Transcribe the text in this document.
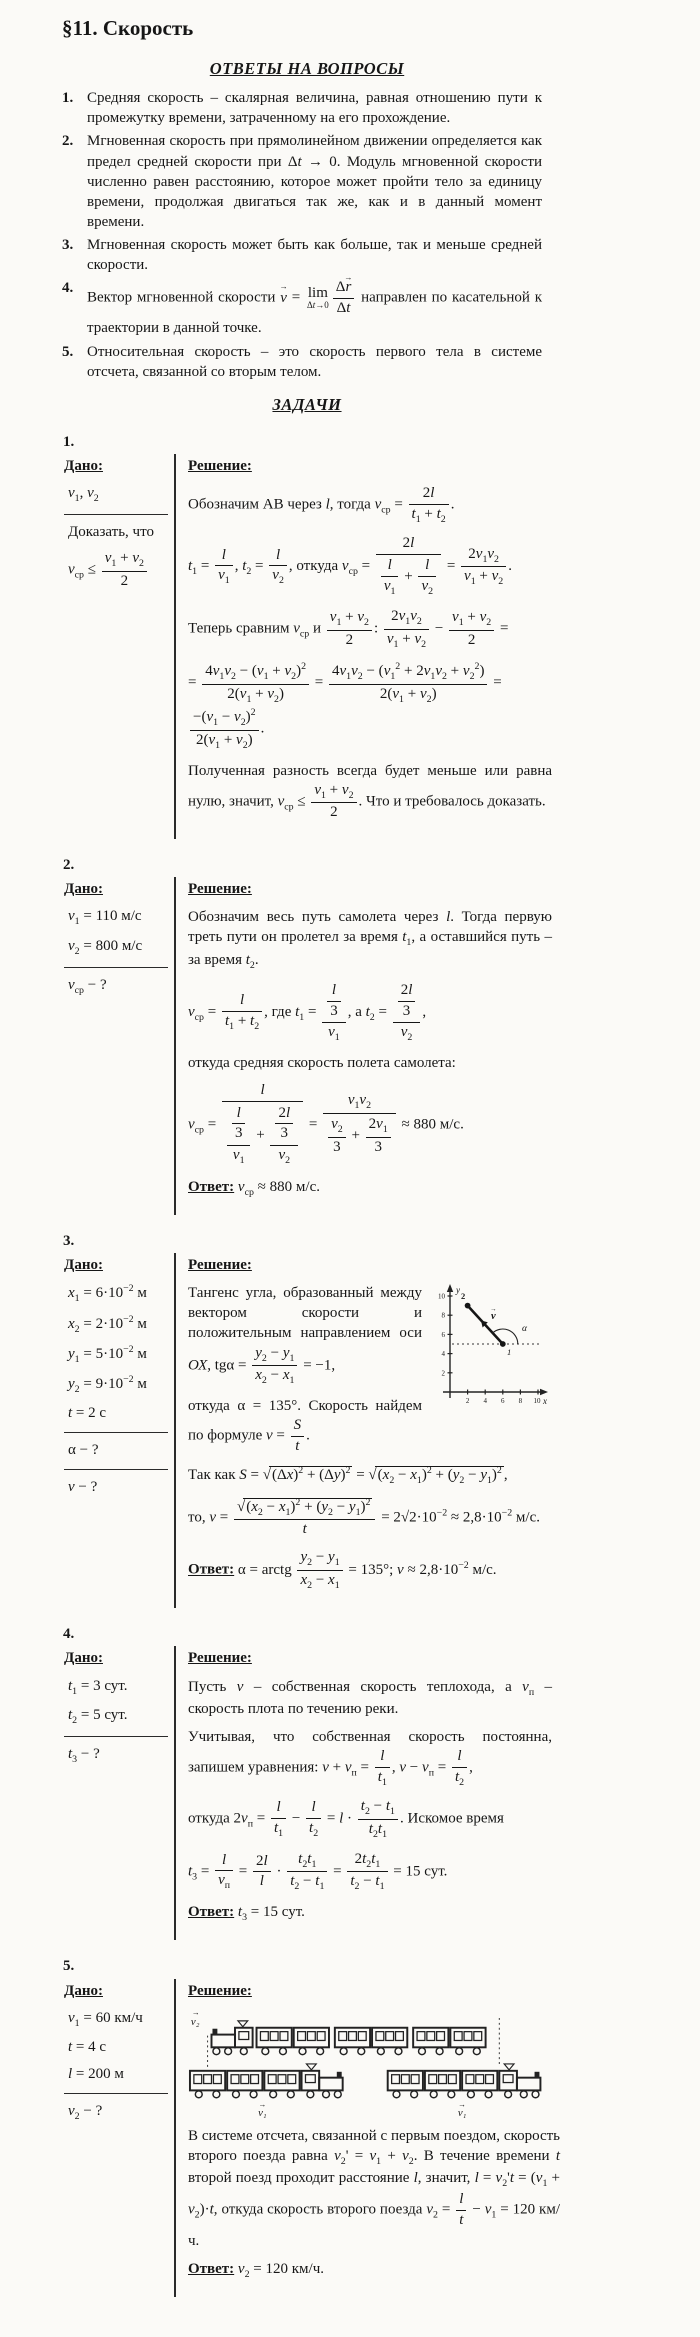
§11. Скорость
ОТВЕТЫ НА ВОПРОСЫ
1. Средняя скорость – скалярная величина, равная отношению пути к промежутку времени, затраченному на его прохождение.
2. Мгновенная скорость при прямолинейном движении определяется как предел средней скорости при Δt → 0. Модуль мгновенной скорости численно равен расстоянию, которое может пройти тело за единицу времени, продолжая двигаться так же, как и в данный момент времени.
3. Мгновенная скорость может быть как больше, так и меньше средней скорости.
4.
Вектор мгновенной скорости v → = lim
$\Delta t\to 0 \frac{\Delta r \to}{\Delta t}$ направлен по касательной к траектории в данной точке.
5. Относительная скорость – это скорость первого тела в системе отсчета, связанной со вторым телом.
ЗАДАЧИ
1.
Дано:
$v_1$, $v_2$
Доказать, что
$v_{ср} \le \frac{v_1 + v_2}{2}$
Решение:

Обозначим АВ через l, тогда $v_{ср} = \frac{2l}{t_1 + t_2}$ .

$t_1 = \frac{l}{v_1}$ , $t_2 = \frac{l}{v_2}$ , откуда $v_{ср} = \frac{2l}{\frac{l}{v_1} + \frac{l}{v_2}} = \frac{2v_1v_2}{v_1 + v_2}$ .

Теперь сравним $v_{ср}$ и $\frac{v_1 + v_2}{2}$ : $\frac{2v_1v_2}{v_1 + v_2} - \frac{v_1 + v_2}{2}$ =

= $\frac{4v_1v_2 - (v_1 + v_2)^2}{2(v_1 + v_2)} = \frac{4v_1v_2 - (v_1^2 + 2v_1v_2 + v_2^2)}{2(v_1 + v_2)}$ =
$\frac{-(v_1 - v_2)^2}{2(v_1 + v_2)}$ .

Полученная разность всегда будет меньше или равна нулю, значит, $v_{ср} \le \frac{v_1 + v_2}{2}$ . Что и требовалось доказать.

2.
Дано:
$v_1 = 110$ м/с
$v_2 = 800$ м/с
$v_{ср}$ − ?
Решение:

Обозначим весь путь самолета через l. Тогда первую треть пути он пролетел за время $t_1$, а оставшийся путь – за время $t_2$.

$v_{ср} = \frac{l}{t_1 + t_2}$ , где $t_1 = \frac{\frac{l}{3}}{v_1}$ , а $t_2 = \frac{\frac{2l}{3}}{v_2}$ ,

откуда средняя скорость полета самолета:

$v_{ср} = \frac{l}{\frac{\frac{l}{3}}{v_1} + \frac{\frac{2l}{3}}{v_2}} = \frac{v_1v_2}{\frac{v_2}{3} + \frac{2v_1}{3}} \approx 880$ м/с.

Ответ: $v_{ср} \approx 880$ м/с.

3.
Дано:
$x_1 = 6\cdot 10^{-2}$ м
$x_2 = 2\cdot 10^{-2}$ м
$y_1 = 5\cdot 10^{-2}$ м
$y_2 = 9\cdot 10^{-2}$ м
t = 2 с
α − ?
v − ?
Решение:
y
x
10
8
6
4
2
2 4 6 8 10
2
1
v
→
α

Тангенс угла, образованный между вектором скорости и положительным направлением оси ОХ, $tg\alpha = \frac{y_2 - y_1}{x_2 - x_1} = -1$,

откуда α = 135°. Скорость найдем по формуле $v = \frac{S}{t}$ .

Так как $S = √(\Delta x)^2 + (\Delta y)^2 = √(x_2 - x_1)^2 + (y_2 - y_1)^2$ ,

то, $v = \frac{√(x_2 - x_1)^2 + (y_2 - y_1)^2}{t} = 2√2\cdot 10^{-2} \approx 2,8\cdot 10^{-2}$ м/с.

Ответ: α = arctg $\frac{y_2 - y_1}{x_2 - x_1} = 135^\circ$; $v \approx 2,8\cdot 10^{-2}$ м/с.

4.
Дано:
$t_1 = 3$ сут.
$t_2 = 5$ сут.
$t_3$ − ?
Решение:

Пусть v – собственная скорость теплохода, а $v_п$ – скорость плота по течению реки.

Учитывая, что собственная скорость постоянна, запишем уравнения: $v + v_п = \frac{l}{t_1}$ , $v - v_п = \frac{l}{t_2}$ ,

откуда $2v_п = \frac{l}{t_1} - \frac{l}{t_2} = l \cdot \frac{t_2 - t_1}{t_2t_1}$ . Искомое время

$t_3$ =
l
$v_п$
= $\frac{2l}{l} \cdot \frac{t_2t_1}{t_2 - t_1} = \frac{2t_2t_1}{t_2 - t_1} = 15$ сут.

Ответ: $t_3 = 15$ сут.

5.
Дано:
$v_1 = 60$ км/ч
t = 4 с
l = 200 м
$v_2$ − ?
Решение:
→
v₂
→
v₁
→
v₁

В системе отсчета, связанной с первым поездом, скорость второго поезда равна $v_2' = v_1 + v_2$. В течение времени t второй поезд проходит расстояние l, значит, $l = v_2't = (v_1 + v_2)\cdot t$, откуда скорость второго поезда $v_2 = \frac{l}{t} - v_1 = 120$ км/ч.

Ответ: $v_2 = 120$ км/ч.
